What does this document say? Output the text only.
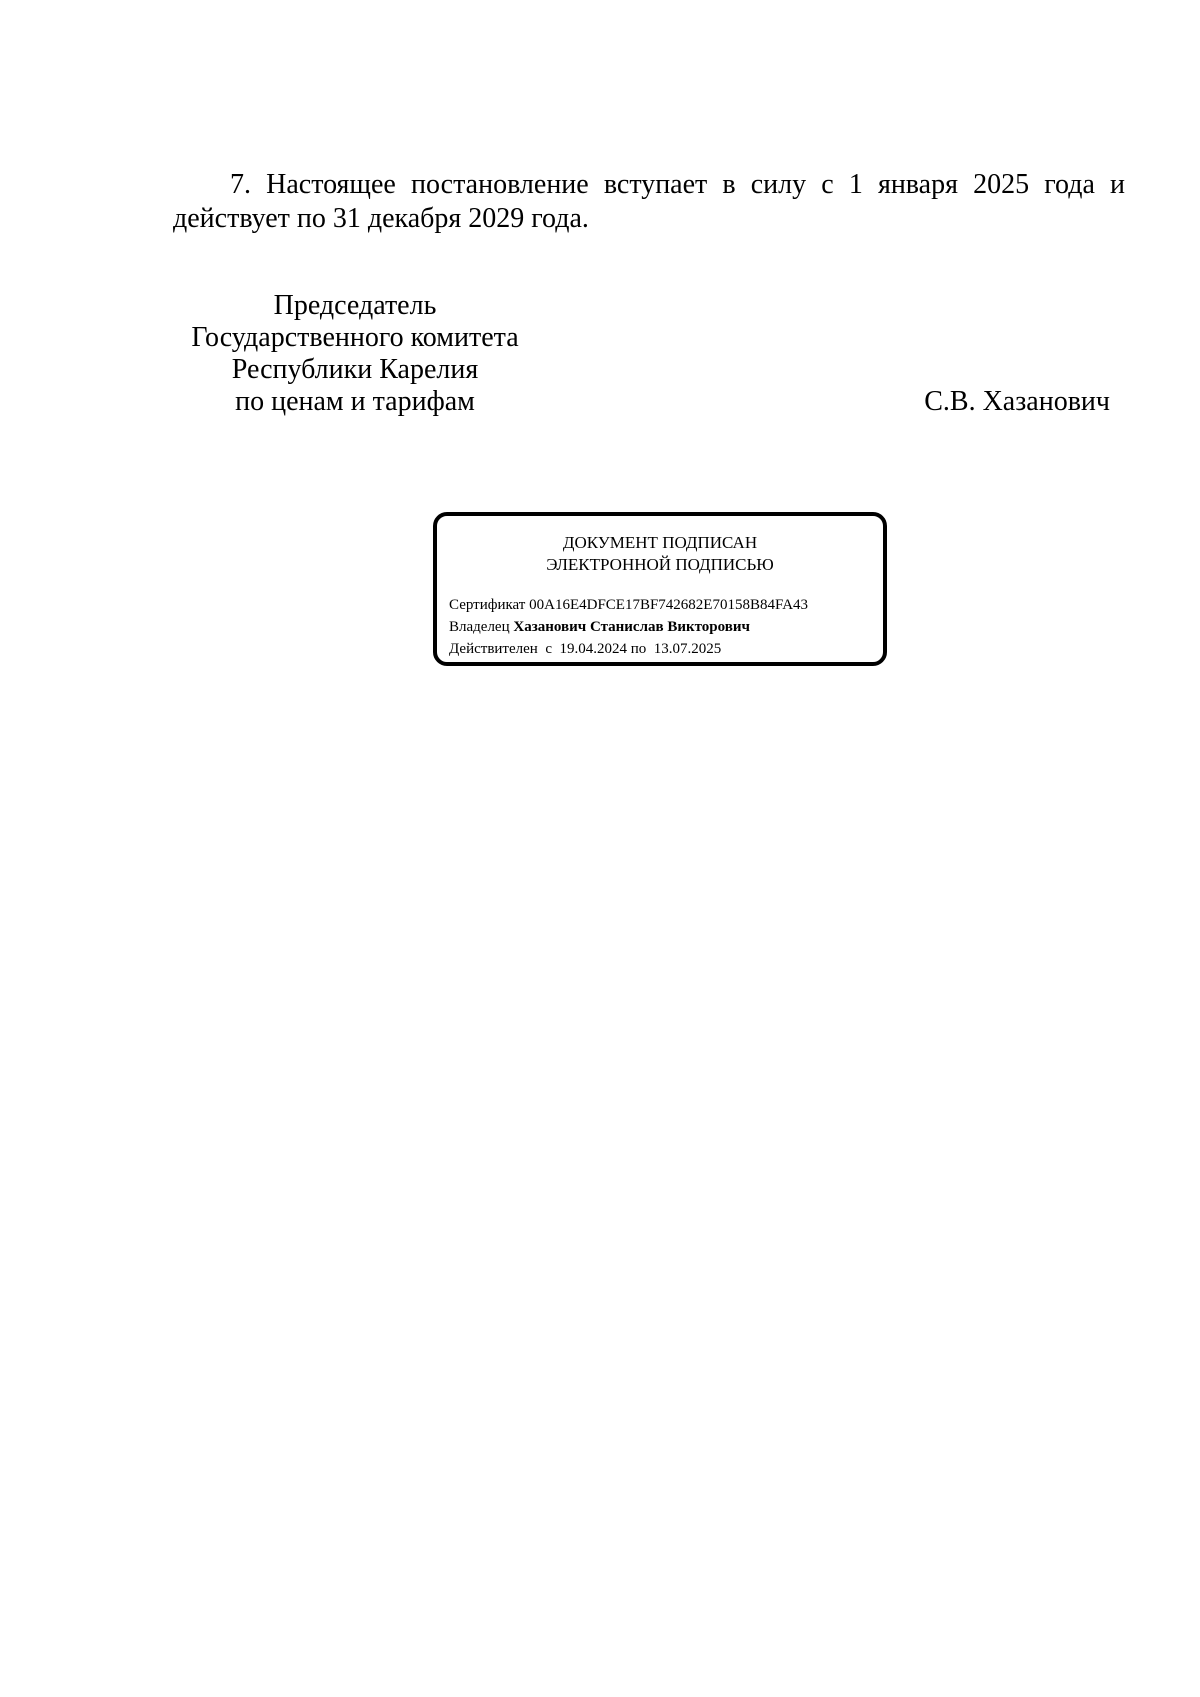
7. Настоящее постановление вступает в силу с 1 января 2025 года и действует по 31 декабря 2029 года.

Председатель
Государственного комитета
Республики Карелия
по ценам и тарифам	С.В. Хазанович
ДОКУМЕНТ ПОДПИСАН
ЭЛЕКТРОННОЙ ПОДПИСЬЮ
Сертификат 00A16E4DFCE17BF742682E70158B84FA43
Владелец Хазанович Станислав Викторович
Действителен с 19.04.2024 по 13.07.2025
